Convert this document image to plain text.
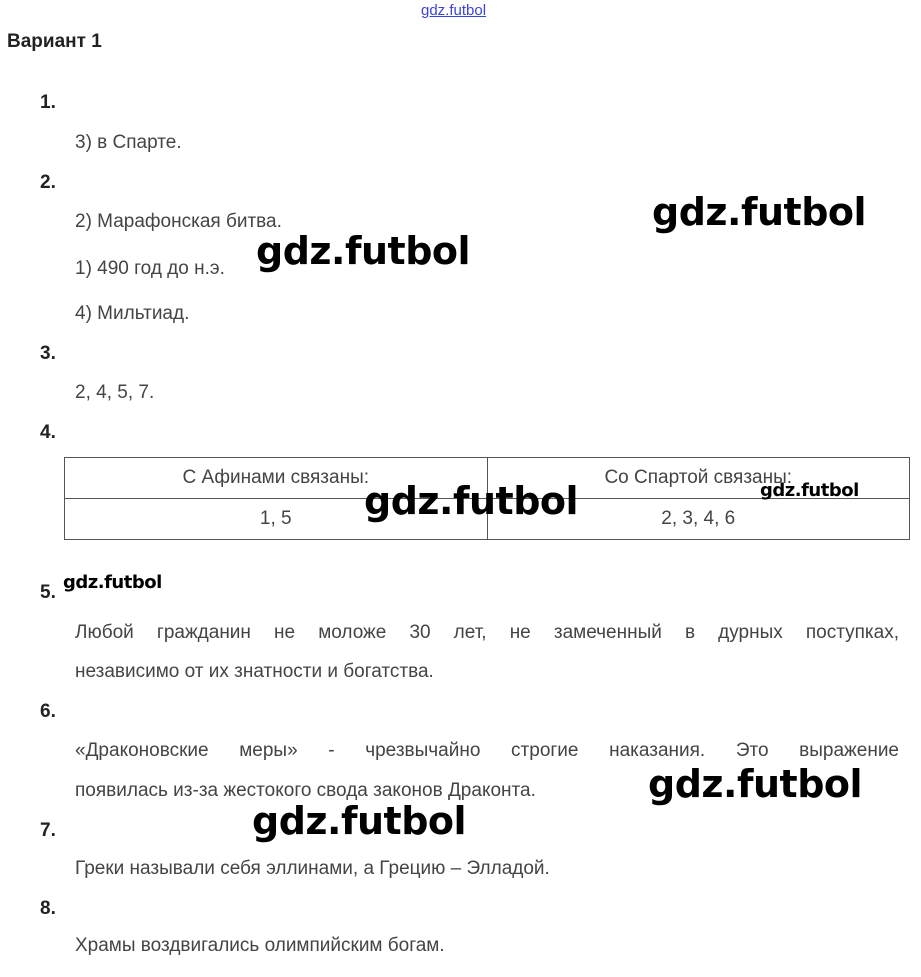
gdz.futbol
Вариант 1
1.
3) в Спарте.
2.
2) Марафонская битва.
1) 490 год до н.э.
4) Мильтиад.
3.
2, 4, 5, 7.
4.
С Афинами связаны:	Со Спартой связаны:
1, 5	2, 3, 4, 6
5.
Любой гражданин не моложе 30 лет, не замеченный в дурных поступках,
независимо от их знатности и богатства.
6.
«Драконовские меры» - чрезвычайно строгие наказания. Это выражение
появилась из-за жестокого свода законов Драконта.
7.
Греки называли себя эллинами, а Грецию – Элладой.
8.
Храмы воздвигались олимпийским богам.
gdz.futbol
gdz.futbol
gdz.futbol	gdz.futbol
gdz.futbol
gdz.futbol
gdz.futbol
